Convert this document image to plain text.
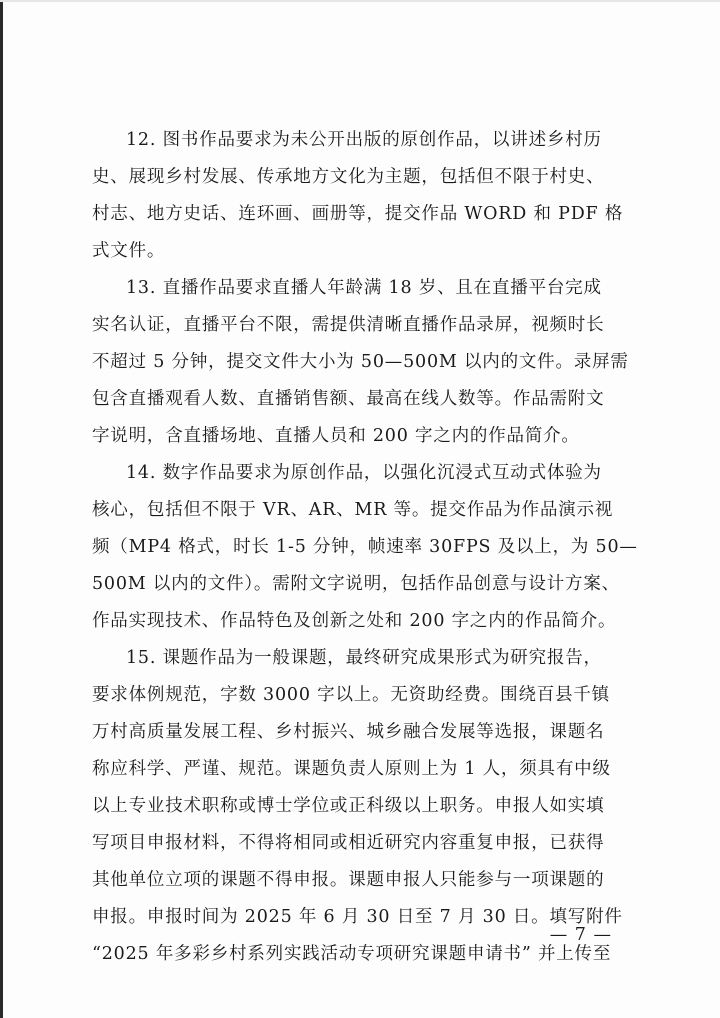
12. 图书作品要求为未公开出版的原创作品，以讲述乡村历

史、展现乡村发展、传承地方文化为主题，包括但不限于村史、

村志、地方史话、连环画、画册等，提交作品 WORD 和 PDF 格

式文件。

13. 直播作品要求直播人年龄满 18 岁、且在直播平台完成

实名认证，直播平台不限，需提供清晰直播作品录屏，视频时长

不超过 5 分钟，提交文件大小为 50—500M 以内的文件。录屏需

包含直播观看人数、直播销售额、最高在线人数等。作品需附文

字说明，含直播场地、直播人员和 200 字之内的作品简介。

14. 数字作品要求为原创作品，以强化沉浸式互动式体验为

核心，包括但不限于 VR、AR、MR 等。提交作品为作品演示视

频（MP4 格式，时长 1-5 分钟，帧速率 30FPS 及以上，为 50—

500M 以内的文件）。需附文字说明，包括作品创意与设计方案、

作品实现技术、作品特色及创新之处和 200 字之内的作品简介。

15. 课题作品为一般课题，最终研究成果形式为研究报告，

要求体例规范，字数 3000 字以上。无资助经费。围绕百县千镇

万村高质量发展工程、乡村振兴、城乡融合发展等选报，课题名

称应科学、严谨、规范。课题负责人原则上为 1 人，须具有中级

以上专业技术职称或博士学位或正科级以上职务。申报人如实填

写项目申报材料，不得将相同或相近研究内容重复申报，已获得

其他单位立项的课题不得申报。课题申报人只能参与一项课题的

申报。申报时间为 2025 年 6 月 30 日至 7 月 30 日。填写附件

“2025 年多彩乡村系列实践活动专项研究课题申请书” 并上传至

— 7 —
